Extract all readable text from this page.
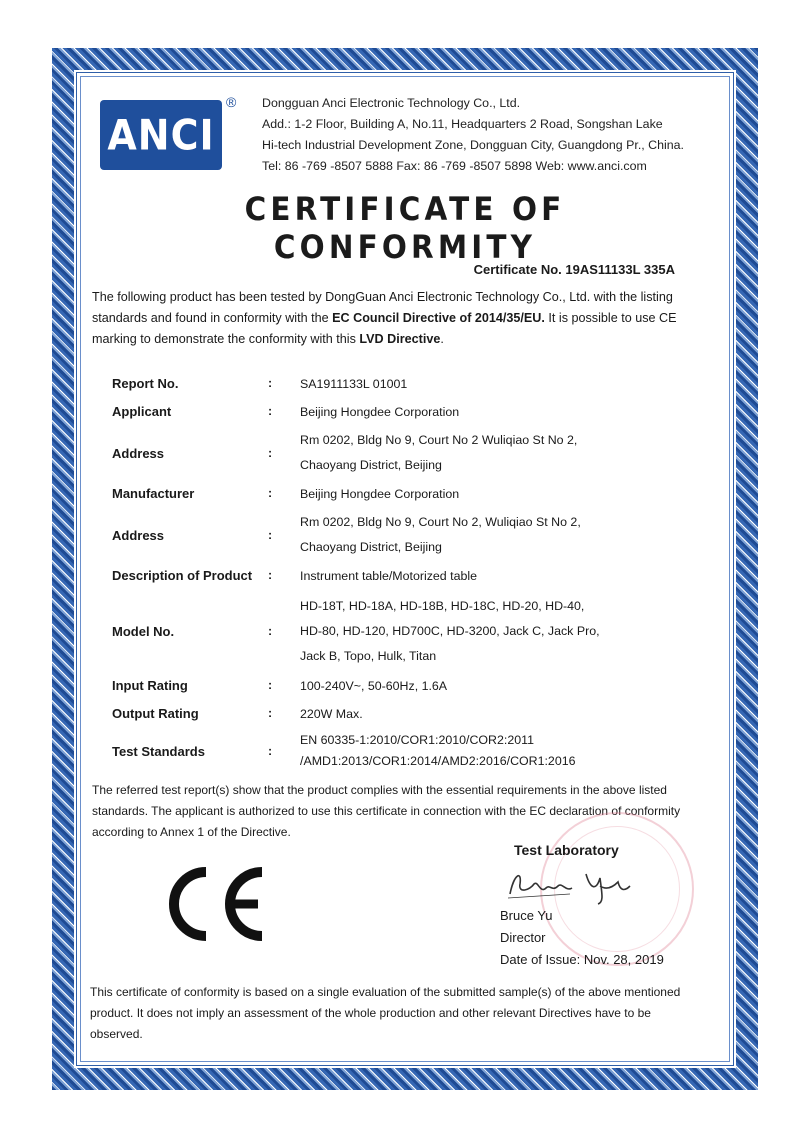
ANCI
® Dongguan Anci Electronic Technology Co., Ltd.
Add.: 1-2 Floor, Building A, No.11, Headquarters 2 Road, Songshan Lake
Hi-tech Industrial Development Zone, Dongguan City, Guangdong Pr., China.
Tel: 86 -769 -8507 5888 Fax: 86 -769 -8507 5898 Web: www.anci.com
CERTIFICATE OF CONFORMITY
Certificate No. 19AS11133L 335A
The following product has been tested by DongGuan Anci Electronic Technology Co., Ltd. with the listing standards and found in conformity with the EC Council Directive of 2014/35/EU. It is possible to use CE marking to demonstrate the conformity with this LVD Directive.
Report No.	: SA1911133L 01001
Applicant	: Beijing Hongdee Corporation
Address	:
Rm 0202, Bldg No 9, Court No 2 Wuliqiao St No 2,
Chaoyang District, Beijing
Manufacturer	: Beijing Hongdee Corporation
Address	:
Rm 0202, Bldg No 9, Court No 2, Wuliqiao St No 2,
Chaoyang District, Beijing
Description of Product : Instrument table/Motorized table
Model No.	:
HD-18T, HD-18A, HD-18B, HD-18C, HD-20, HD-40,
HD-80, HD-120, HD700C, HD-3200, Jack C, Jack Pro,
Jack B, Topo, Hulk, Titan
Input Rating	: 100-240V~, 50-60Hz, 1.6A
Output Rating	: 220W Max.
Test Standards	:
EN 60335-1:2010/COR1:2010/COR2:2011
/AMD1:2013/COR1:2014/AMD2:2016/COR1:2016
The referred test report(s) show that the product complies with the essential requirements in the above listed standards. The applicant is authorized to use this certificate in connection with the EC declaration of conformity according to Annex 1 of the Directive.
Test Laboratory
Bruce Yu
Director
Date of Issue: Nov. 28, 2019
This certificate of conformity is based on a single evaluation of the submitted sample(s) of the above mentioned product. It does not imply an assessment of the whole production and other relevant Directives have to be observed.
